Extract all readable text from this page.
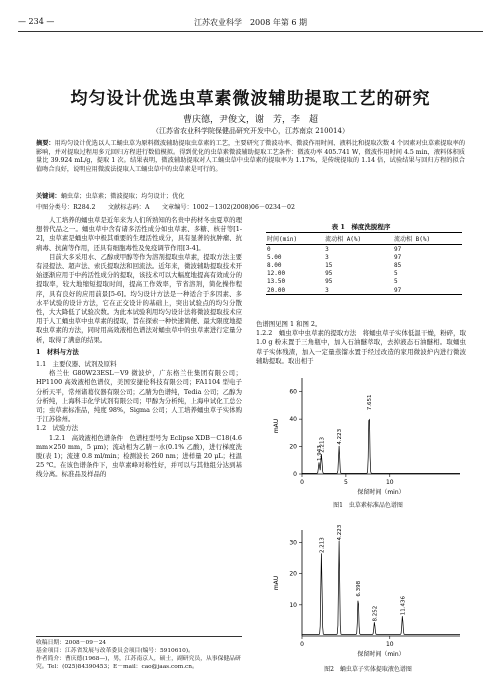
— 234 —	江苏农业科学　2008 年第 6 期
均匀设计优选虫草素微波辅助提取工艺的研究
曹庆德，尹俊文，谢　芳，李　超
（江苏省农业科学院保健品研究开发中心，江苏南京 210014）
摘要：用均匀设计优选以人工蛹虫草为原料微波辅助提取虫草素的工艺，主要研究了微波功率、微波作用时间、液料比和提取次数 4 个因素对虫草素提取率的影响，并对提取过程用多元回归方程进行数值模拟。得到优化的虫草素微波辅助提取工艺条件：微波功率 405.741 W，微波作用时间 4.5 min，液料体积质量比 39.924 mL/g，提取 1 次。结果表明，微波辅助提取对人工蛹虫草中虫草素的提取率为 1.17%，是传统提取的 1.14 倍，试验结果与回归方程的拟合值吻合良好，说明应用微波法提取人工蛹虫草中的虫草素是可行的。
关键词：蛹虫草；虫草素；微波提取；均匀设计；优化
中图分类号：R284.2　　文献标志码：A　　文章编号：1002－1302(2008)06－0234－02

人工培养的蛹虫草是近年来为人们所熟知的名贵中药材冬虫夏草的理想替代品之一。蛹虫草中含有诸多活性成分如虫草素、多糖、核苷等[1-2]，虫草素是蛹虫草中极其重要的生理活性成分，具有显著的抗肿瘤、抗病毒、抗菌等作用，还具有细胞毒性及免疫调节作用[3-4]。

目前大多采用水、乙醇或甲醇等作为溶剂提取虫草素，提取方法主要有浸提法、超声法、索氏提取法和回流法。近年来，微波辅助提取技术开始逐渐应用于中药活性成分的提取，该技术可以大幅度地提高有效成分的提取率，较大地缩短提取时间，提高工作效率，节省溶剂，简化操作程序，具有良好的应用前景[5-6]。均匀设计方法是一种适合于多因素、多水平试验的设计方法，它在正交设计的基础上，突出试验点的均匀分散性，大大降低了试验次数。为此本试验利用均匀设计法将微波提取技术应用于人工蛹虫草中虫草素的提取，旨在探索一种快速简便、最大限度地提取虫草素的方法，同时用高效液相色谱法对蛹虫草中的虫草素进行定量分析，取得了满意的结果。

1　材料与方法

1.1　主要仪器、试剂及原料

格兰仕 G80W23ESL－V9 微波炉，广东格兰仕集团有限公司；HP1100 高效液相色谱仪，美国安捷伦科技有限公司；FA1104 型电子分析天平，常州诸葛仪器有限公司；乙腈为色谱纯，Tedia 公司；乙醇为分析纯，上海科丰化学试剂有限公司；甲醇为分析纯，上海申试化工总公司；虫草素标准品，纯度 98%，Sigma 公司；人工培养蛹虫草子实体购于江苏徐州。

1.2　试验方法

1.2.1　高效液相色谱条件　色谱柱型号为 Eclipse XDB－C18(4.6 mm×250 mm，5 μm)；流动相为乙腈－水(0.1% 乙酸)，进行梯度洗脱(表 1)；流速 0.8 ml/min；检测波长 260 nm；进样量 20 μL；柱温 25 ℃。在该色谱条件下，虫草素峰对称性好，并可以与其他组分达到基线分离。标准品及样品的

收稿日期：2008－09－24
基金项目：江苏省发展与改革委员会项目(编号：5910610)。
作者简介：曹庆德(1968—)，男，江苏南京人，硕士，副研究员，从事保健品研究。Tel：(025)84390453；E－mail：cao@jaas.com.cn。
表 1　梯度洗脱程序
时间(min)	流动相 A(%)	流动相 B(%)
0	3	97
5.00	3	97
8.00	15	85
12.00	95	5
13.50	95	5
20.00	3	97

色谱图见图 1 和图 2。

1.2.2　蛹虫草中虫草素的提取方法　将蛹虫草子实体低温干燥，粉碎，取 1.0 g 粉末置于三角瓶中，加入石油醚萃取，去掉液态石油醚相。取蛹虫草子实体残渣，加入一定量蒸馏水置于经过改造的家用微波炉内进行微波辅助提取。取出相于

0
20
40
60
0	5	10
mAU
保留时间（min）
1.943
2.213
4.223
7.651
图1　虫草素标准品色谱图
10
20
30
0	10
mAU
保留时间（min）
2.213
4.223
6.398
8.252	11.436
图2　蛹虫草子实体提取液色谱图
